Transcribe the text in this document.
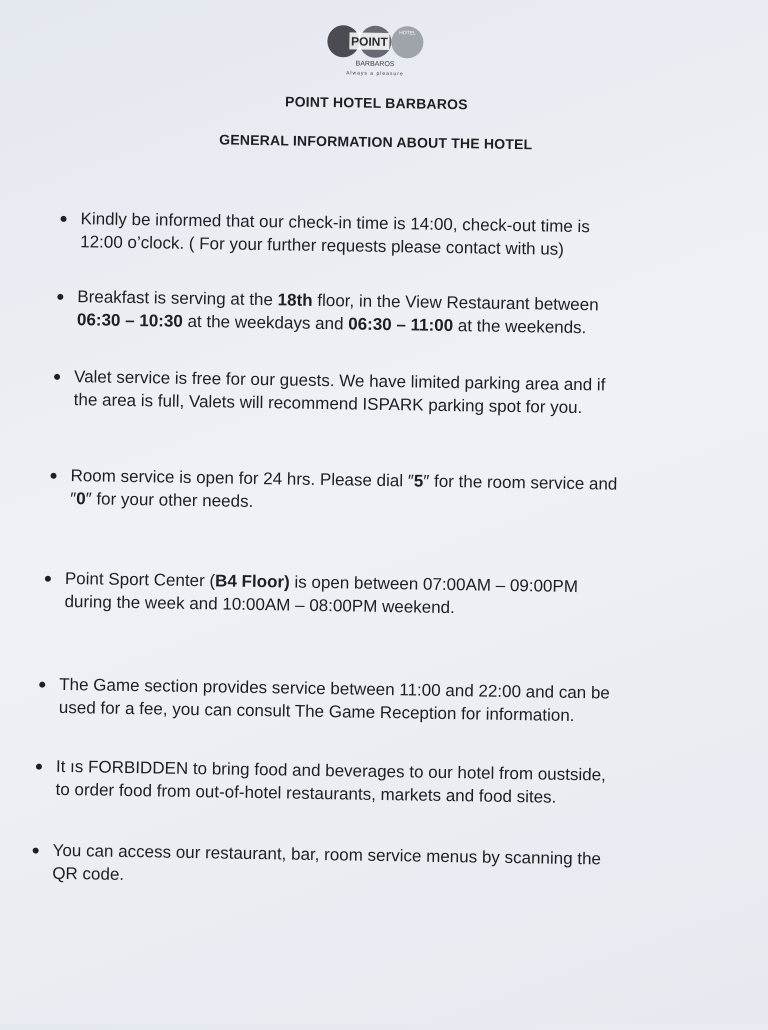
POINT
HOTEL
BARBAROS
Always a pleasure
POINT HOTEL BARBAROS
GENERAL INFORMATION ABOUT THE HOTEL
Kindly be informed that our check-in time is 14:00, check-out time is
12:00 o’clock. ( For your further requests please contact with us)
Breakfast is serving at the 18th floor, in the View Restaurant between
06:30 – 10:30 at the weekdays and 06:30 – 11:00 at the weekends.
Valet service is free for our guests. We have limited parking area and if
the area is full, Valets will recommend ISPARK parking spot for you.
Room service is open for 24 hrs. Please dial ″5″ for the room service and
″0″ for your other needs.
Point Sport Center (B4 Floor) is open between 07:00AM – 09:00PM
during the week and 10:00AM – 08:00PM weekend.
The Game section provides service between 11:00 and 22:00 and can be
used for a fee, you can consult The Game Reception for information.
It ıs FORBIDDEN to bring food and beverages to our hotel from oustside,
to order food from out-of-hotel restaurants, markets and food sites.
You can access our restaurant, bar, room service menus by scanning the
QR code.
